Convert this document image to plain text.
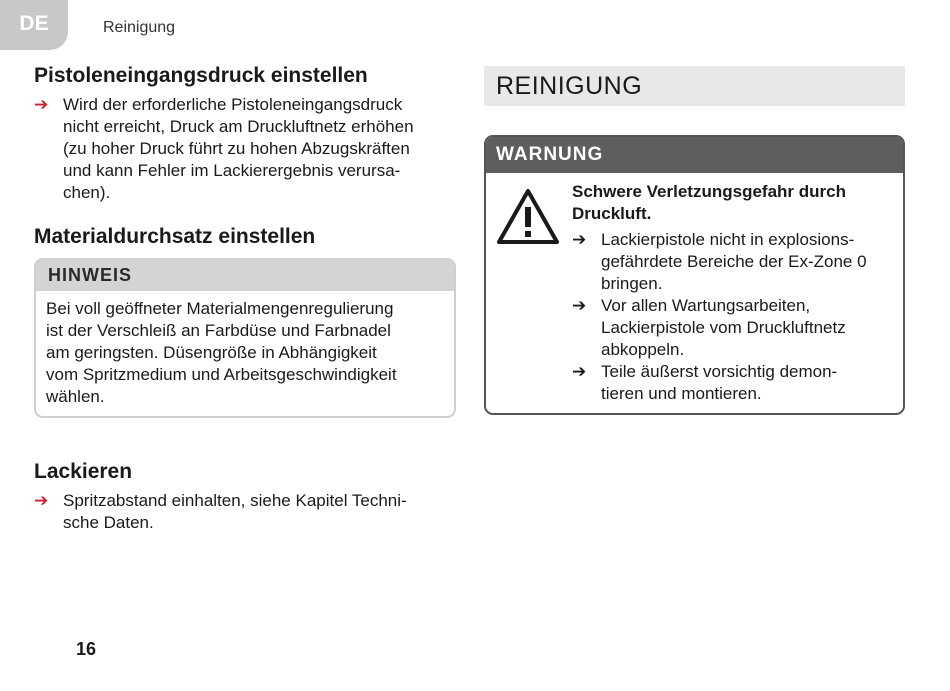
DE	Reinigung
Pistoleneingangsdruck einstellen
➔ Wird der erforderliche Pistoleneingangsdruck
nicht erreicht, Druck am Druckluftnetz erhöhen
(zu hoher Druck führt zu hohen Abzugskräften
und kann Fehler im Lackierergebnis verursa-
chen).
Materialdurchsatz einstellen
HINWEIS
Bei voll geöffneter Materialmengenregulierung
ist der Verschleiß an Farbdüse und Farbnadel
am geringsten. Düsengröße in Abhängigkeit
vom Spritzmedium und Arbeitsgeschwindigkeit
wählen.
Lackieren
➔ Spritzabstand einhalten, siehe Kapitel Techni-
sche Daten.
REINIGUNG
WARNUNG
Schwere Verletzungsgefahr durch
Druckluft.
➔ Lackierpistole nicht in explosions-
gefährdete Bereiche der Ex-Zone 0
bringen.
➔ Vor allen Wartungsarbeiten,
Lackierpistole vom Druckluftnetz
abkoppeln.
➔ Teile äußerst vorsichtig demon-
tieren und montieren.
16
